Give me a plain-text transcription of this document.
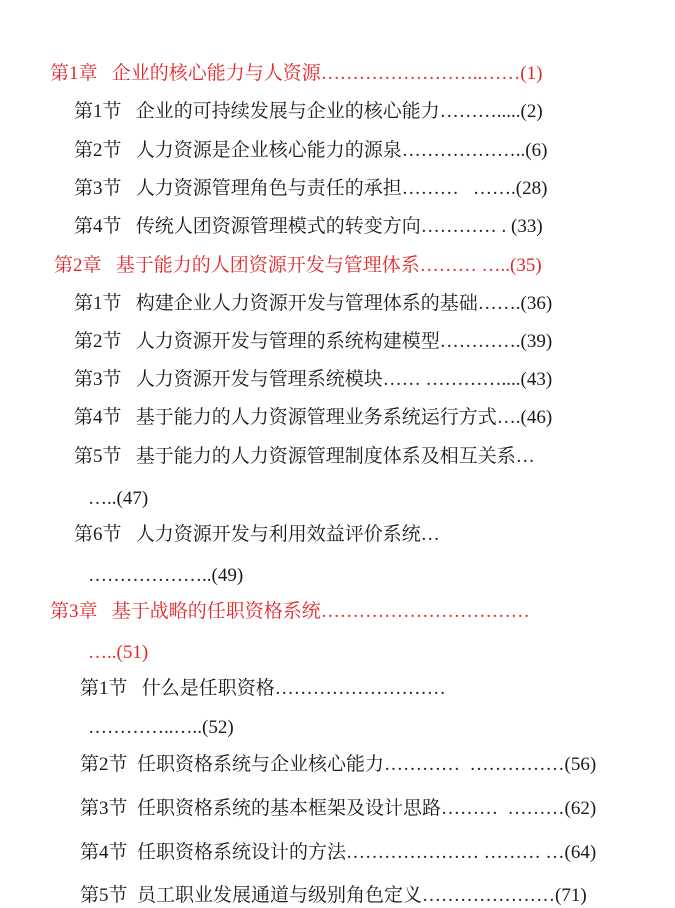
第1章   企业的核心能力与人资源……………………..……(1)
第1节   企业的可持续发展与企业的核心能力……….....(2)
第2节   人力资源是企业核心能力的源泉………………..(6)
第3节   人力资源管理角色与责任的承担………   …….(28)
第4节   传统人团资源管理模式的转变方向………… . (33)
第2章   基于能力的人团资源开发与管理体系……… …..(35)
第1节   构建企业人力资源开发与管理体系的基础…….(36)
第2节   人力资源开发与管理的系统构建模型………….(39)
第3节   人力资源开发与管理系统模块…… …………....(43)
第4节   基于能力的人力资源管理业务系统运行方式….(46)
第5节   基于能力的人力资源管理制度体系及相互关系…
…..(47)
第6节   人力资源开发与利用效益评价系统…
………………..(49)
第3章   基于战略的任职资格系统……………………………
…..(51)
第1节   什么是任职资格………………………
…………..…..(52)
第2节  任职资格系统与企业核心能力…………  ……………(56)
第3节  任职资格系统的基本框架及设计思路………  ………(62)
第4节  任职资格系统设计的方法………………… ……… …(64)
第5节  员工职业发展通道与级别角色定义…………………(71)
